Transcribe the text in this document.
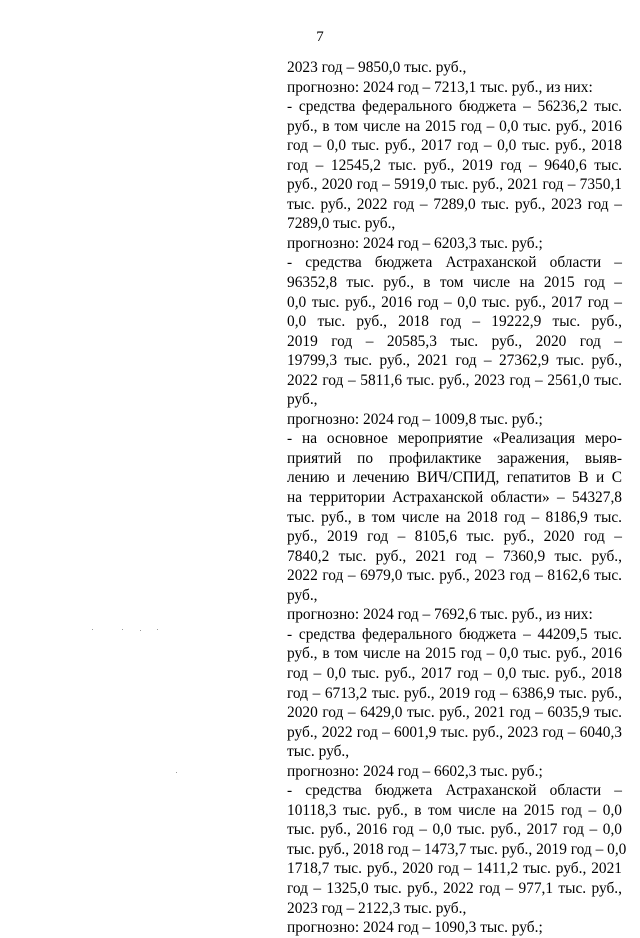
7
2023 год – 9850,0 тыс. руб.,
прогнозно: 2024 год – 7213,1 тыс. руб., из них:
- средства федерального бюджета – 56236,2 тыс.
руб., в том числе на 2015 год – 0,0 тыс. руб., 2016
год – 0,0 тыс. руб., 2017 год – 0,0 тыс. руб., 2018
год – 12545,2 тыс. руб., 2019 год – 9640,6 тыс.
руб., 2020 год – 5919,0 тыс. руб., 2021 год – 7350,1
тыс. руб., 2022 год – 7289,0 тыс. руб., 2023 год –
7289,0 тыс. руб.,
прогнозно: 2024 год – 6203,3 тыс. руб.;
- средства бюджета Астраханской области –
96352,8 тыс. руб., в том числе на 2015 год –
0,0 тыс. руб., 2016 год – 0,0 тыс. руб., 2017 год –
0,0 тыс. руб., 2018 год – 19222,9 тыс. руб.,
2019 год – 20585,3 тыс. руб., 2020 год –
19799,3 тыс. руб., 2021 год – 27362,9 тыс. руб.,
2022 год – 5811,6 тыс. руб., 2023 год – 2561,0 тыс.
руб.,
прогнозно: 2024 год – 1009,8 тыс. руб.;
- на основное мероприятие «Реализация меро-
приятий по профилактике заражения, выяв-
лению и лечению ВИЧ/СПИД, гепатитов В и С
на территории Астраханской области» – 54327,8
тыс. руб., в том числе на 2018 год – 8186,9 тыс.
руб., 2019 год – 8105,6 тыс. руб., 2020 год –
7840,2 тыс. руб., 2021 год – 7360,9 тыс. руб.,
2022 год – 6979,0 тыс. руб., 2023 год – 8162,6 тыс.
руб.,
прогнозно: 2024 год – 7692,6 тыс. руб., из них:
- средства федерального бюджета – 44209,5 тыс.
руб., в том числе на 2015 год – 0,0 тыс. руб., 2016
год – 0,0 тыс. руб., 2017 год – 0,0 тыс. руб., 2018
год – 6713,2 тыс. руб., 2019 год – 6386,9 тыс. руб.,
2020 год – 6429,0 тыс. руб., 2021 год – 6035,9 тыс.
руб., 2022 год – 6001,9 тыс. руб., 2023 год – 6040,3
тыс. руб.,
прогнозно: 2024 год – 6602,3 тыс. руб.;
- средства бюджета Астраханской области –
10118,3 тыс. руб., в том числе на 2015 год – 0,0
тыс. руб., 2016 год – 0,0 тыс. руб., 2017 год – 0,0
тыс. руб., 2018 год – 1473,7 тыс. руб., 2019 год – 0,0
1718,7 тыс. руб., 2020 год – 1411,2 тыс. руб., 2021
год – 1325,0 тыс. руб., 2022 год – 977,1 тыс. руб.,
2023 год – 2122,3 тыс. руб.,
прогнозно: 2024 год – 1090,3 тыс. руб.;
